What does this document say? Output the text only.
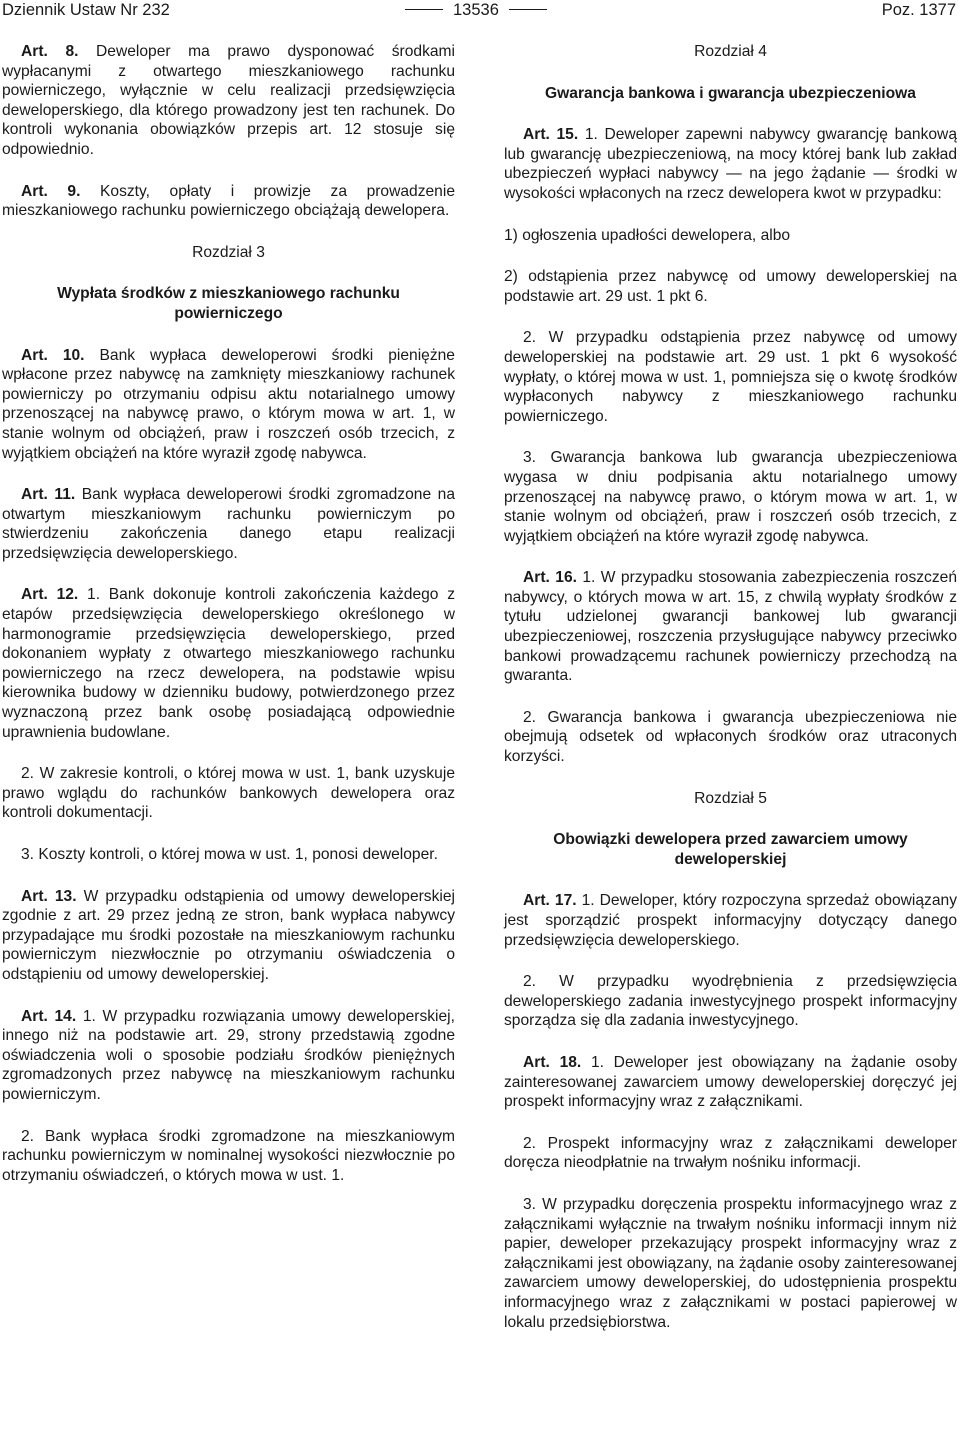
Dziennik Ustaw Nr 232	13536	Poz. 1377

Art. 8. Deweloper ma prawo dysponować środkami wypłacanymi z otwartego mieszkaniowego rachunku powierniczego, wyłącznie w celu realizacji przedsięwzięcia deweloperskiego, dla którego prowadzony jest ten rachunek. Do kontroli wykonania obowiązków przepis art. 12 stosuje się odpowiednio.

Art. 9. Koszty, opłaty i prowizje za prowadzenie mieszkaniowego rachunku powierniczego obciążają dewelopera.

Rozdział 3
Wypłata środków z mieszkaniowego rachunku powierniczego

Art. 10. Bank wypłaca deweloperowi środki pieniężne wpłacone przez nabywcę na zamknięty mieszkaniowy rachunek powierniczy po otrzymaniu odpisu aktu notarialnego umowy przenoszącej na nabywcę prawo, o którym mowa w art. 1, w stanie wolnym od obciążeń, praw i roszczeń osób trzecich, z wyjątkiem obciążeń na które wyraził zgodę nabywca.

Art. 11. Bank wypłaca deweloperowi środki zgromadzone na otwartym mieszkaniowym rachunku powierniczym po stwierdzeniu zakończenia danego etapu realizacji przedsięwzięcia deweloperskiego.

Art. 12. 1. Bank dokonuje kontroli zakończenia każdego z etapów przedsięwzięcia deweloperskiego określonego w harmonogramie przedsięwzięcia deweloperskiego, przed dokonaniem wypłaty z otwartego mieszkaniowego rachunku powierniczego na rzecz dewelopera, na podstawie wpisu kierownika budowy w dzienniku budowy, potwierdzonego przez wyznaczoną przez bank osobę posiadającą odpowiednie uprawnienia budowlane.

2. W zakresie kontroli, o której mowa w ust. 1, bank uzyskuje prawo wglądu do rachunków bankowych dewelopera oraz kontroli dokumentacji.

3. Koszty kontroli, o której mowa w ust. 1, ponosi deweloper.

Art. 13. W przypadku odstąpienia od umowy deweloperskiej zgodnie z art. 29 przez jedną ze stron, bank wypłaca nabywcy przypadające mu środki pozostałe na mieszkaniowym rachunku powierniczym niezwłocznie po otrzymaniu oświadczenia o odstąpieniu od umowy deweloperskiej.

Art. 14. 1. W przypadku rozwiązania umowy deweloperskiej, innego niż na podstawie art. 29, strony przedstawią zgodne oświadczenia woli o sposobie podziału środków pieniężnych zgromadzonych przez nabywcę na mieszkaniowym rachunku powierniczym.

2. Bank wypłaca środki zgromadzone na mieszkaniowym rachunku powierniczym w nominalnej wysokości niezwłocznie po otrzymaniu oświadczeń, o których mowa w ust. 1.

Rozdział 4
Gwarancja bankowa i gwarancja ubezpieczeniowa

Art. 15. 1. Deweloper zapewni nabywcy gwarancję bankową lub gwarancję ubezpieczeniową, na mocy której bank lub zakład ubezpieczeń wypłaci nabywcy — na jego żądanie — środki w wysokości wpłaconych na rzecz dewelopera kwot w przypadku:

1) ogłoszenia upadłości dewelopera, albo

2) odstąpienia przez nabywcę od umowy deweloperskiej na podstawie art. 29 ust. 1 pkt 6.

2. W przypadku odstąpienia przez nabywcę od umowy deweloperskiej na podstawie art. 29 ust. 1 pkt 6 wysokość wypłaty, o której mowa w ust. 1, pomniejsza się o kwotę środków wypłaconych nabywcy z mieszkaniowego rachunku powierniczego.

3. Gwarancja bankowa lub gwarancja ubezpieczeniowa wygasa w dniu podpisania aktu notarialnego umowy przenoszącej na nabywcę prawo, o którym mowa w art. 1, w stanie wolnym od obciążeń, praw i roszczeń osób trzecich, z wyjątkiem obciążeń na które wyraził zgodę nabywca.

Art. 16. 1. W przypadku stosowania zabezpieczenia roszczeń nabywcy, o których mowa w art. 15, z chwilą wypłaty środków z tytułu udzielonej gwarancji bankowej lub gwarancji ubezpieczeniowej, roszczenia przysługujące nabywcy przeciwko bankowi prowadzącemu rachunek powierniczy przechodzą na gwaranta.

2. Gwarancja bankowa i gwarancja ubezpieczeniowa nie obejmują odsetek od wpłaconych środków oraz utraconych korzyści.

Rozdział 5
Obowiązki dewelopera przed zawarciem umowy deweloperskiej

Art. 17. 1. Deweloper, który rozpoczyna sprzedaż obowiązany jest sporządzić prospekt informacyjny dotyczący danego przedsięwzięcia deweloperskiego.

2. W przypadku wyodrębnienia z przedsięwzięcia deweloperskiego zadania inwestycyjnego prospekt informacyjny sporządza się dla zadania inwestycyjnego.

Art. 18. 1. Deweloper jest obowiązany na żądanie osoby zainteresowanej zawarciem umowy deweloperskiej doręczyć jej prospekt informacyjny wraz z załącznikami.

2. Prospekt informacyjny wraz z załącznikami deweloper doręcza nieodpłatnie na trwałym nośniku informacji.

3. W przypadku doręczenia prospektu informacyjnego wraz z załącznikami wyłącznie na trwałym nośniku informacji innym niż papier, deweloper przekazujący prospekt informacyjny wraz z załącznikami jest obowiązany, na żądanie osoby zainteresowanej zawarciem umowy deweloperskiej, do udostępnienia prospektu informacyjnego wraz z załącznikami w postaci papierowej w lokalu przedsiębiorstwa.
